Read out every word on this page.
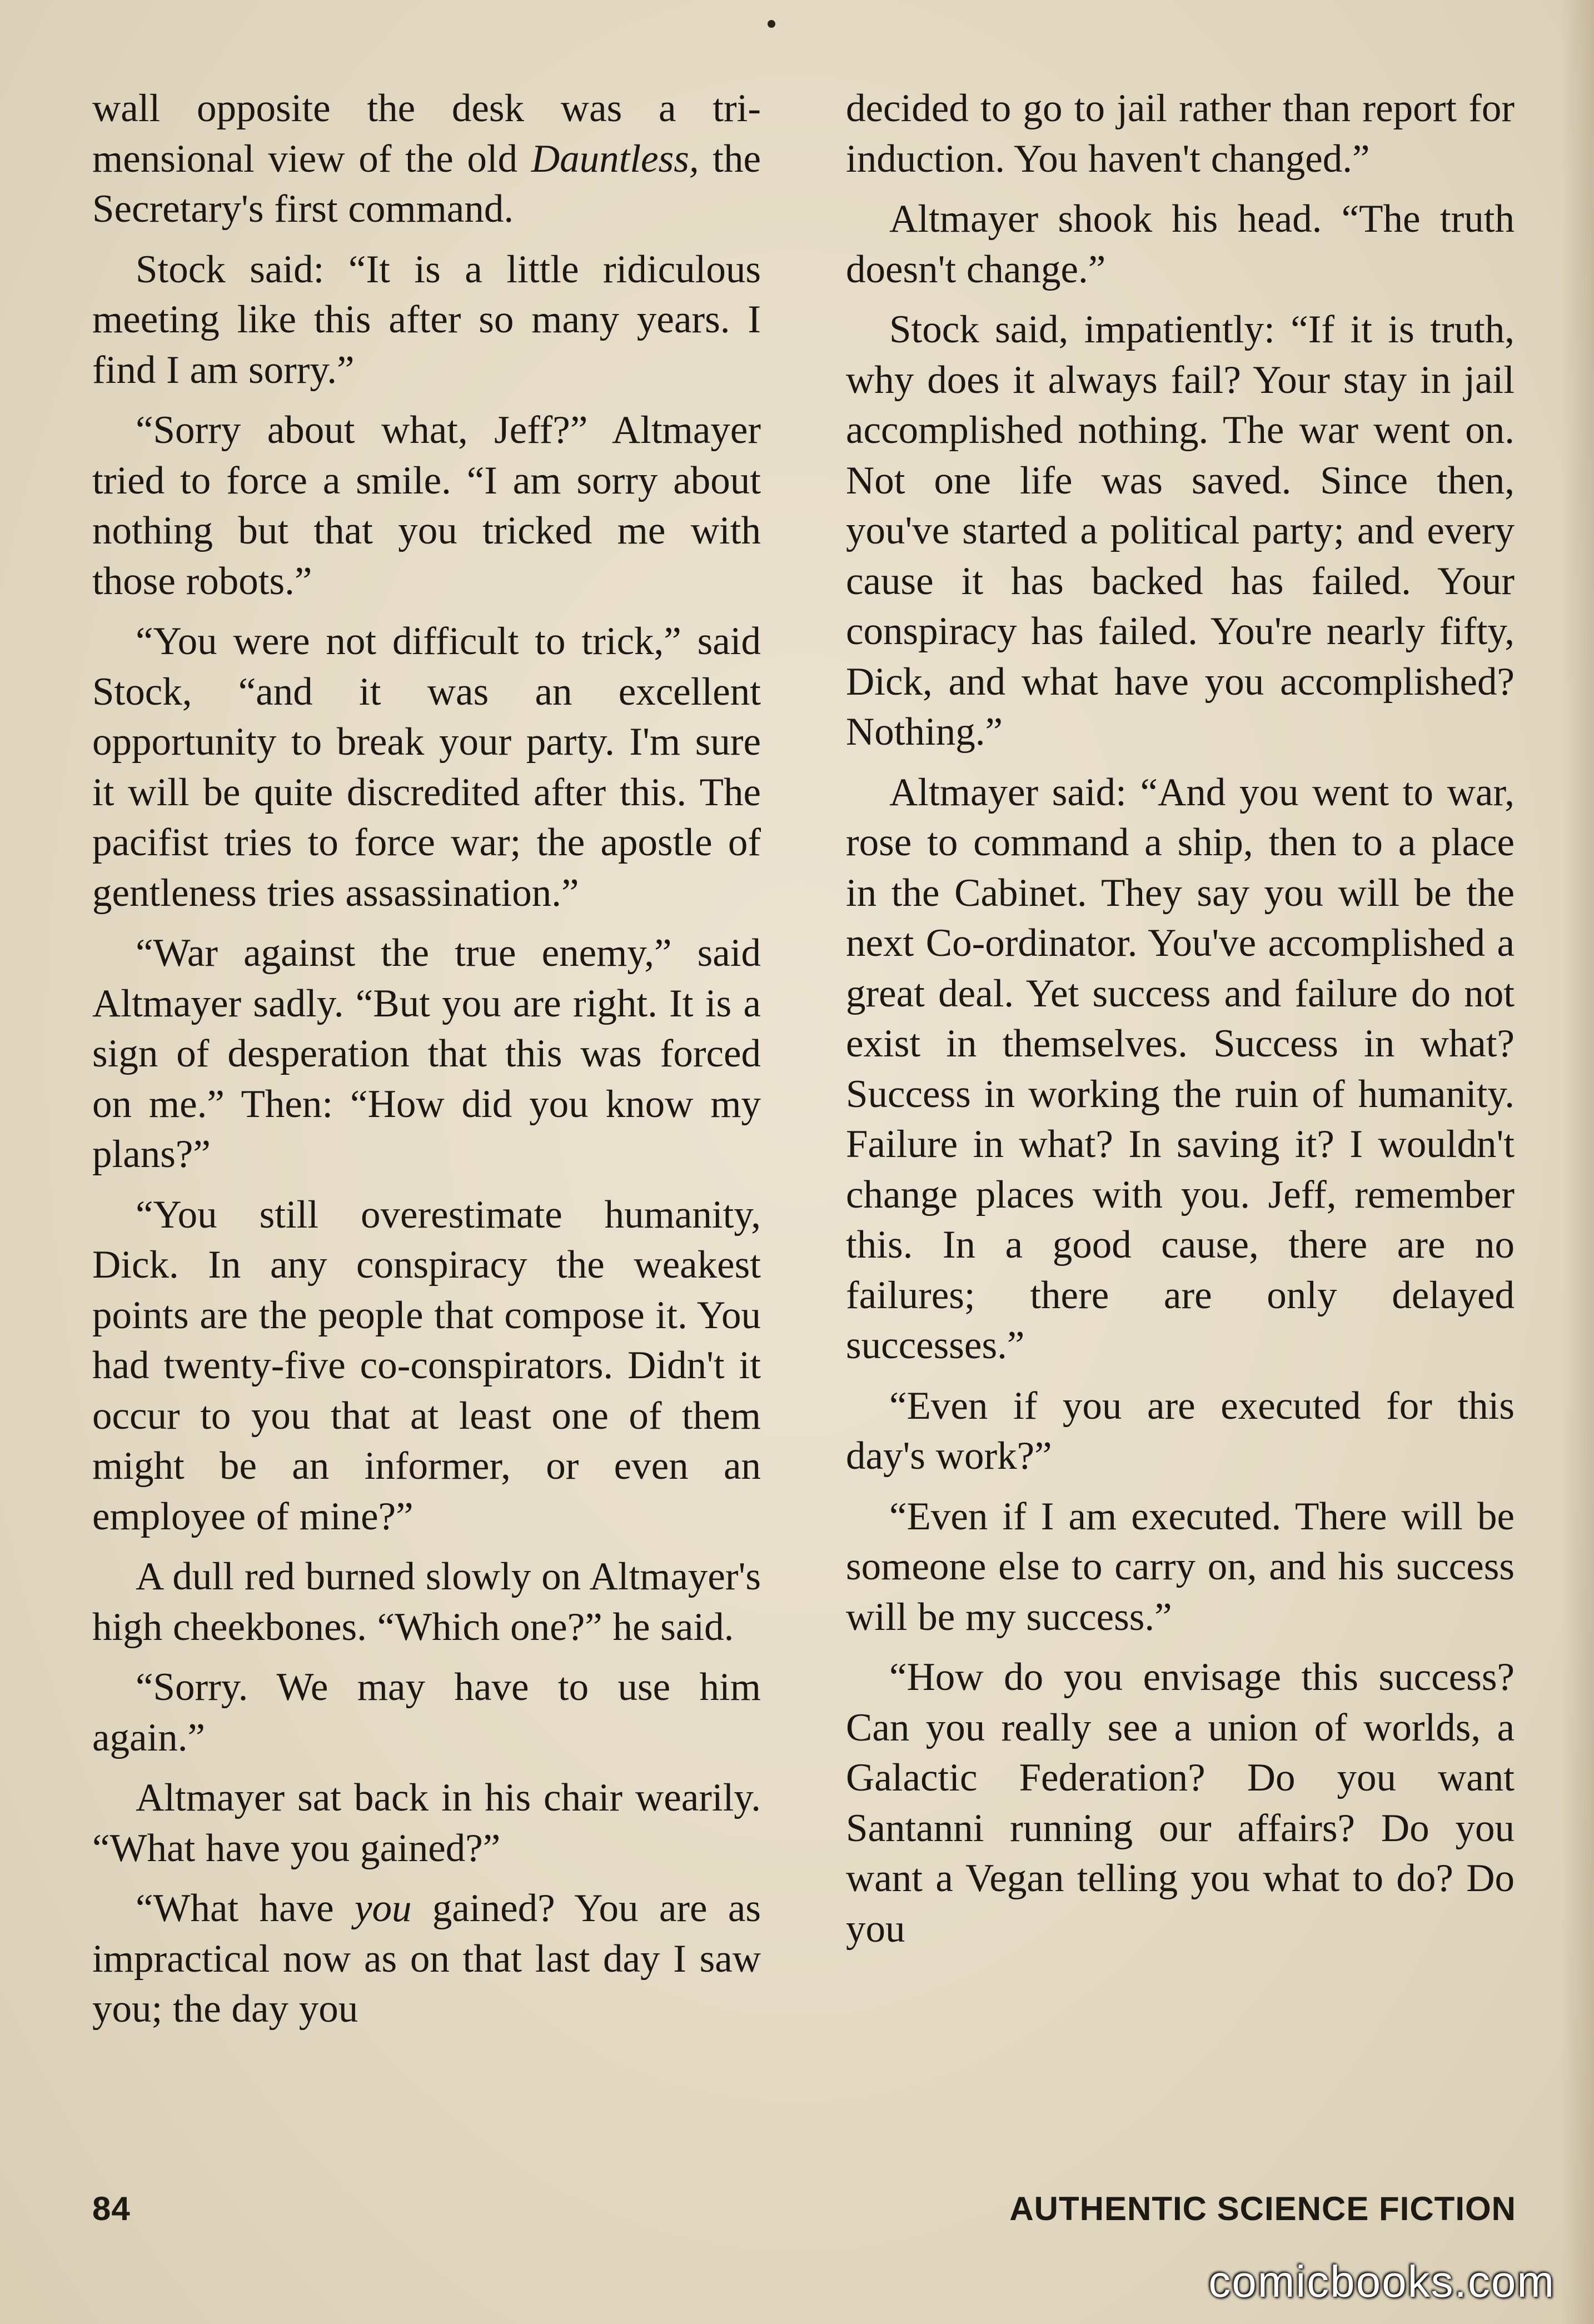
wall opposite the desk was a tri-mensional view of the old Dauntless, the Secretary's first command.

Stock said: “It is a little ridiculous meeting like this after so many years. I find I am sorry.”

“Sorry about what, Jeff?” Altmayer tried to force a smile. “I am sorry about nothing but that you tricked me with those robots.”

“You were not difficult to trick,” said Stock, “and it was an excellent opportunity to break your party. I'm sure it will be quite discredited after this. The pacifist tries to force war; the apostle of gentleness tries assassination.”

“War against the true enemy,” said Altmayer sadly. “But you are right. It is a sign of desperation that this was forced on me.” Then: “How did you know my plans?”

“You still overestimate humanity, Dick. In any conspiracy the weakest points are the people that compose it. You had twenty-five co-conspirators. Didn't it occur to you that at least one of them might be an informer, or even an employee of mine?”

A dull red burned slowly on Altmayer's high cheekbones. “Which one?” he said.

“Sorry. We may have to use him again.”

Altmayer sat back in his chair wearily. “What have you gained?”

“What have you gained? You are as impractical now as on that last day I saw you; the day you

decided to go to jail rather than report for induction. You haven't changed.”

Altmayer shook his head. “The truth doesn't change.”

Stock said, impatiently: “If it is truth, why does it always fail? Your stay in jail accomplished nothing. The war went on. Not one life was saved. Since then, you've started a political party; and every cause it has backed has failed. Your conspiracy has failed. You're nearly fifty, Dick, and what have you accomplished? Nothing.”

Altmayer said: “And you went to war, rose to command a ship, then to a place in the Cabinet. They say you will be the next Co-ordinator. You've accomplished a great deal. Yet success and failure do not exist in themselves. Success in what? Success in working the ruin of humanity. Failure in what? In saving it? I wouldn't change places with you. Jeff, remember this. In a good cause, there are no failures; there are only delayed successes.”

“Even if you are executed for this day's work?”

“Even if I am executed. There will be someone else to carry on, and his success will be my success.”

“How do you envisage this success? Can you really see a union of worlds, a Galactic Federation? Do you want Santanni running our affairs? Do you want a Vegan telling you what to do? Do you

84	AUTHENTIC SCIENCE FICTION
comicbooks.com
